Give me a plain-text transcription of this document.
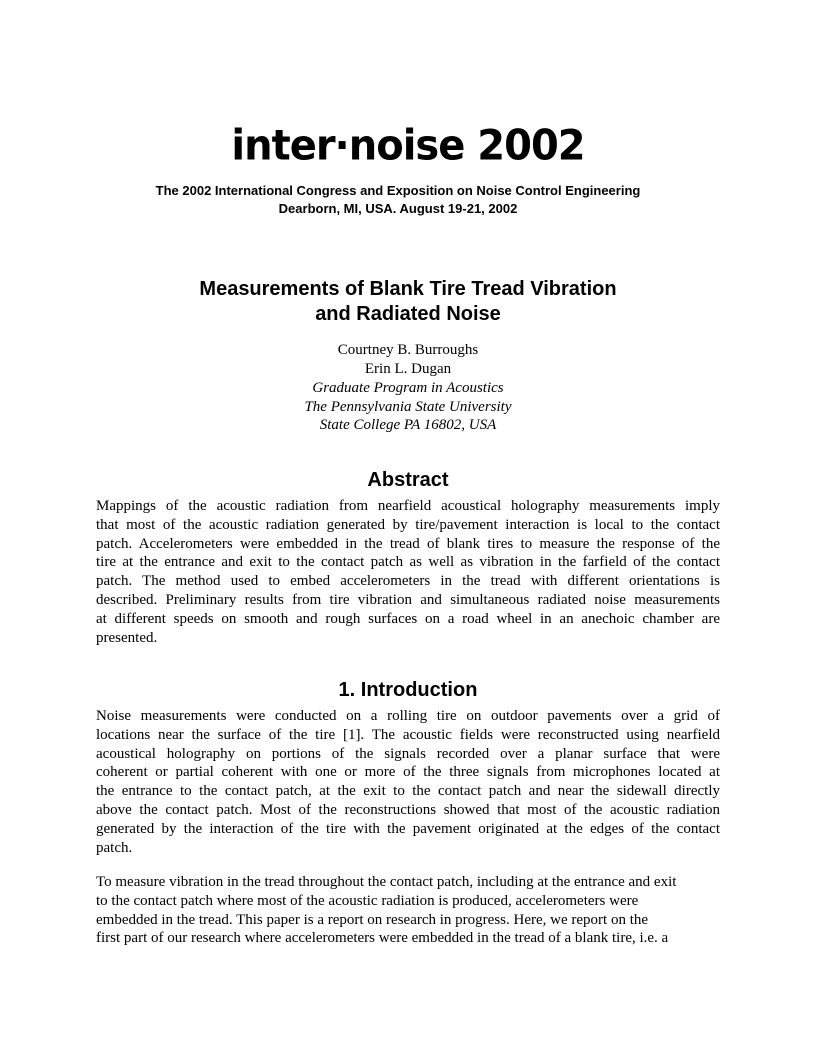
inter·noise 2002
The 2002 International Congress and Exposition on Noise Control Engineering
Dearborn, MI, USA. August 19-21, 2002
Measurements of Blank Tire Tread Vibration
and Radiated Noise
Courtney B. Burroughs
Erin L. Dugan
Graduate Program in Acoustics
The Pennsylvania State University
State College PA 16802, USA
Abstract
Mappings of the acoustic radiation from nearfield acoustical holography measurements imply
that most of the acoustic radiation generated by tire/pavement interaction is local to the contact
patch. Accelerometers were embedded in the tread of blank tires to measure the response of the
tire at the entrance and exit to the contact patch as well as vibration in the farfield of the contact
patch. The method used to embed accelerometers in the tread with different orientations is
described. Preliminary results from tire vibration and simultaneous radiated noise measurements
at different speeds on smooth and rough surfaces on a road wheel in an anechoic chamber are
presented.
1. Introduction
Noise measurements were conducted on a rolling tire on outdoor pavements over a grid of
locations near the surface of the tire [1]. The acoustic fields were reconstructed using nearfield
acoustical holography on portions of the signals recorded over a planar surface that were
coherent or partial coherent with one or more of the three signals from microphones located at
the entrance to the contact patch, at the exit to the contact patch and near the sidewall directly
above the contact patch. Most of the reconstructions showed that most of the acoustic radiation
generated by the interaction of the tire with the pavement originated at the edges of the contact
patch.
To measure vibration in the tread throughout the contact patch, including at the entrance and exit
to the contact patch where most of the acoustic radiation is produced, accelerometers were
embedded in the tread. This paper is a report on research in progress. Here, we report on the
first part of our research where accelerometers were embedded in the tread of a blank tire, i.e. a
